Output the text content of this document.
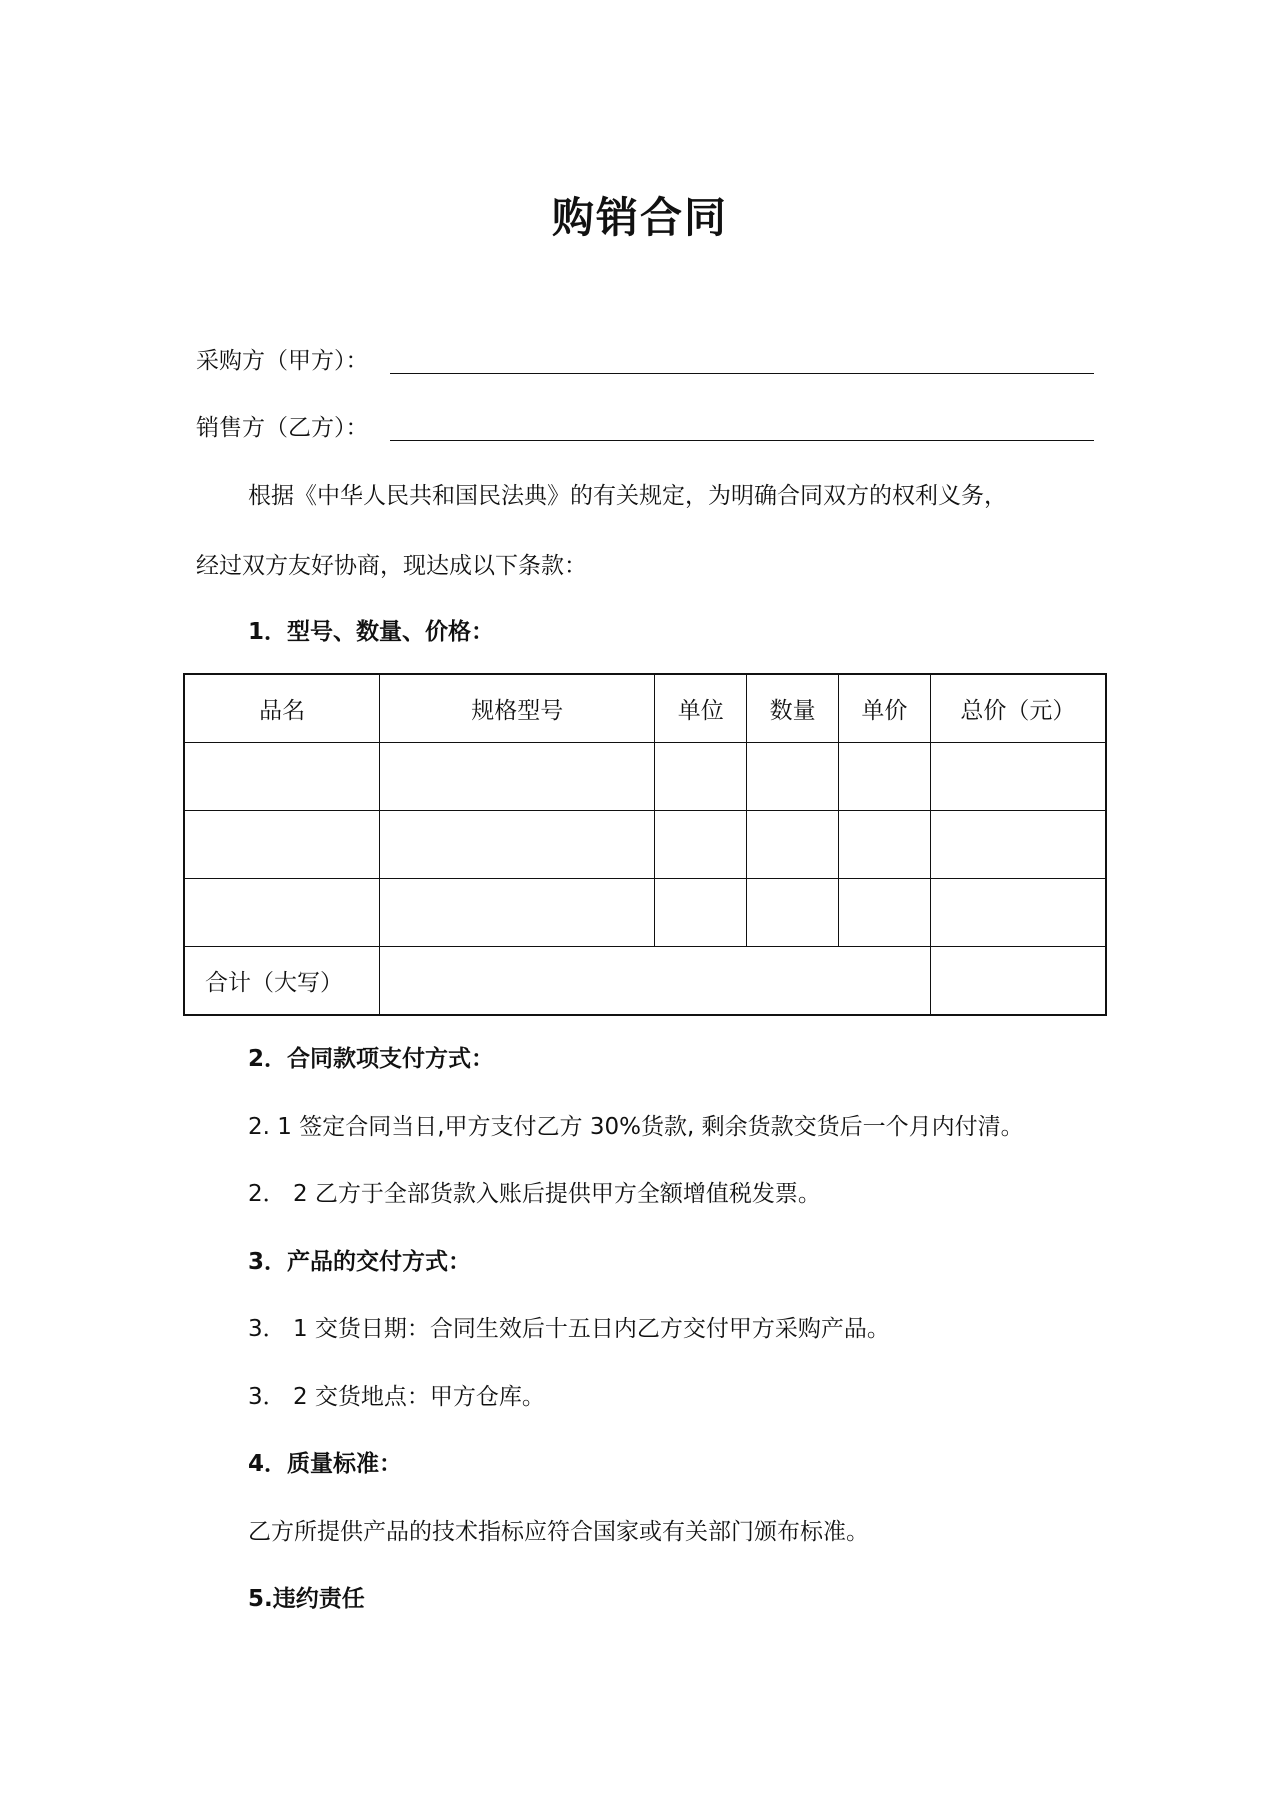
购销合同
采购方（甲方）：
销售方（乙方）：
根据《中华人民共和国民法典》的有关规定，为明确合同双方的权利义务，
经过双方友好协商，现达成以下条款：
1．型号、数量、价格：
品名	规格型号	单位	数量	单价	总价（元）

合计（大写）					
2．合同款项支付方式：
2. 1 签定合同当日,甲方支付乙方 30%货款, 剩余货款交货后一个月内付清。
2． 2 乙方于全部货款入账后提供甲方全额增值税发票。
3．产品的交付方式：
3． 1 交货日期：合同生效后十五日内乙方交付甲方采购产品。
3． 2 交货地点：甲方仓库。
4．质量标准：
乙方所提供产品的技术指标应符合国家或有关部门颁布标准。
5.违约责任
